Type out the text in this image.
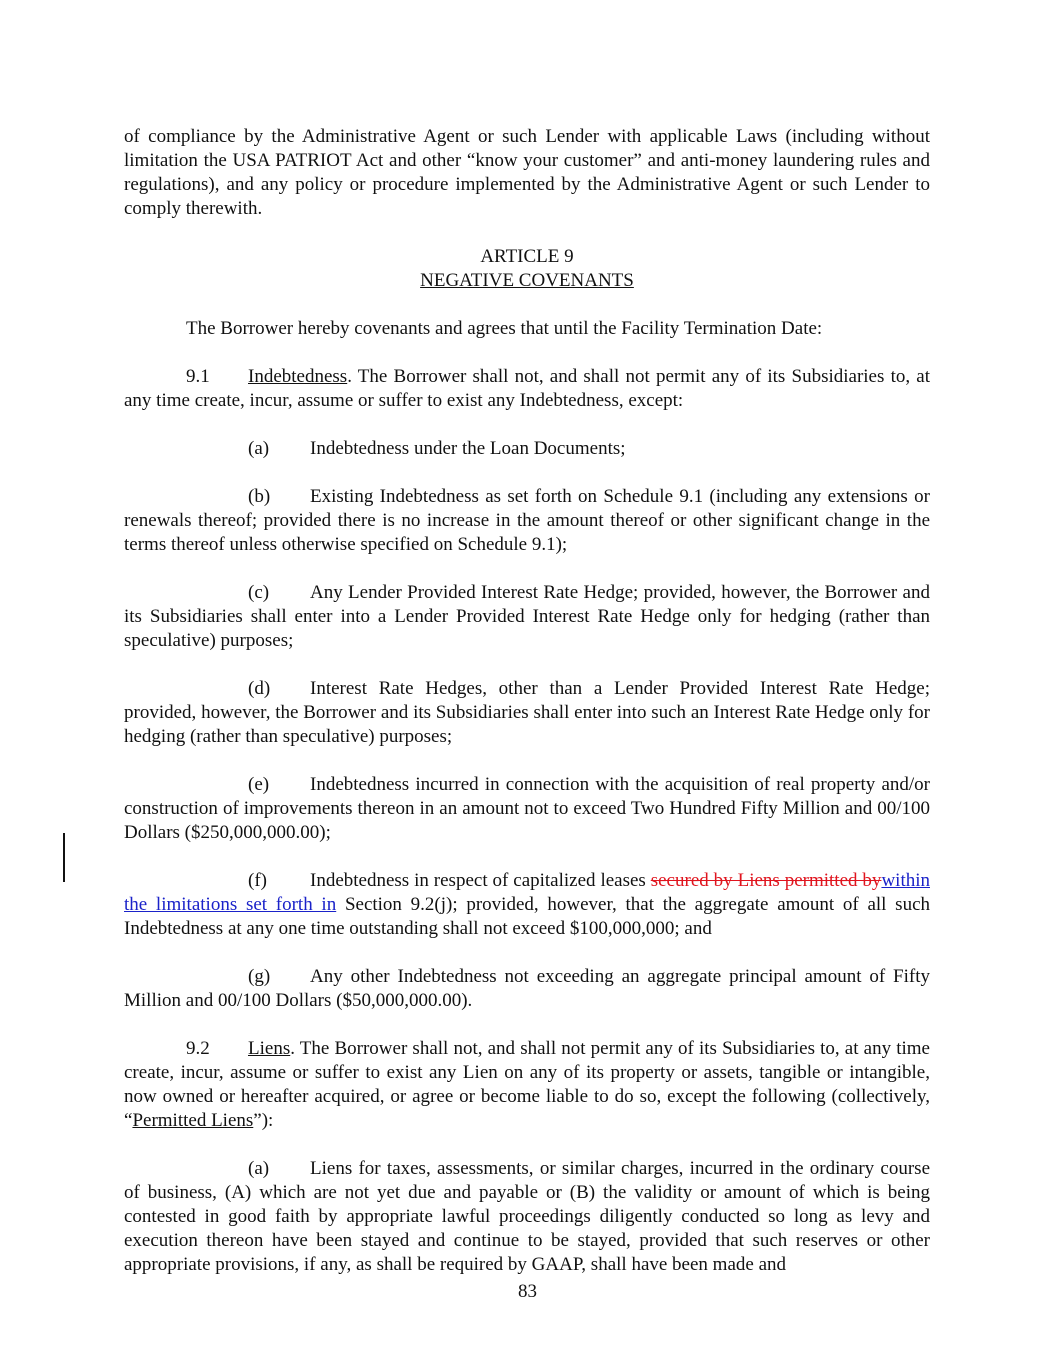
of compliance by the Administrative Agent or such Lender with applicable Laws (including without limitation the USA PATRIOT Act and other “know your customer” and anti-money laundering rules and regulations), and any policy or procedure implemented by the Administrative Agent or such Lender to comply therewith.

ARTICLE 9

NEGATIVE COVENANTS

The Borrower hereby covenants and agrees that until the Facility Termination Date:

9.1 Indebtedness. The Borrower shall not, and shall not permit any of its Subsidiaries to, at any time create, incur, assume or suffer to exist any Indebtedness, except:

(a) Indebtedness under the Loan Documents;

(b) Existing Indebtedness as set forth on Schedule 9.1 (including any extensions or renewals thereof; provided there is no increase in the amount thereof or other significant change in the terms thereof unless otherwise specified on Schedule 9.1);

(c) Any Lender Provided Interest Rate Hedge; provided, however, the Borrower and its Subsidiaries shall enter into a Lender Provided Interest Rate Hedge only for hedging (rather than speculative) purposes;

(d) Interest Rate Hedges, other than a Lender Provided Interest Rate Hedge; provided, however, the Borrower and its Subsidiaries shall enter into such an Interest Rate Hedge only for hedging (rather than speculative) purposes;

(e) Indebtedness incurred in connection with the acquisition of real property and/or construction of improvements thereon in an amount not to exceed Two Hundred Fifty Million and 00/100 Dollars ($250,000,000.00);

(f) Indebtedness in respect of capitalized leases secured by Liens permitted bywithin the limitations set forth in Section 9.2(j); provided, however, that the aggregate amount of all such Indebtedness at any one time outstanding shall not exceed $100,000,000; and

(g) Any other Indebtedness not exceeding an aggregate principal amount of Fifty Million and 00/100 Dollars ($50,000,000.00).

9.2 Liens. The Borrower shall not, and shall not permit any of its Subsidiaries to, at any time create, incur, assume or suffer to exist any Lien on any of its property or assets, tangible or intangible, now owned or hereafter acquired, or agree or become liable to do so, except the following (collectively, “Permitted Liens”):

(a) Liens for taxes, assessments, or similar charges, incurred in the ordinary course of business, (A) which are not yet due and payable or (B) the validity or amount of which is being contested in good faith by appropriate lawful proceedings diligently conducted so long as levy and execution thereon have been stayed and continue to be stayed, provided that such reserves or other appropriate provisions, if any, as shall be required by GAAP, shall have been made and

83
